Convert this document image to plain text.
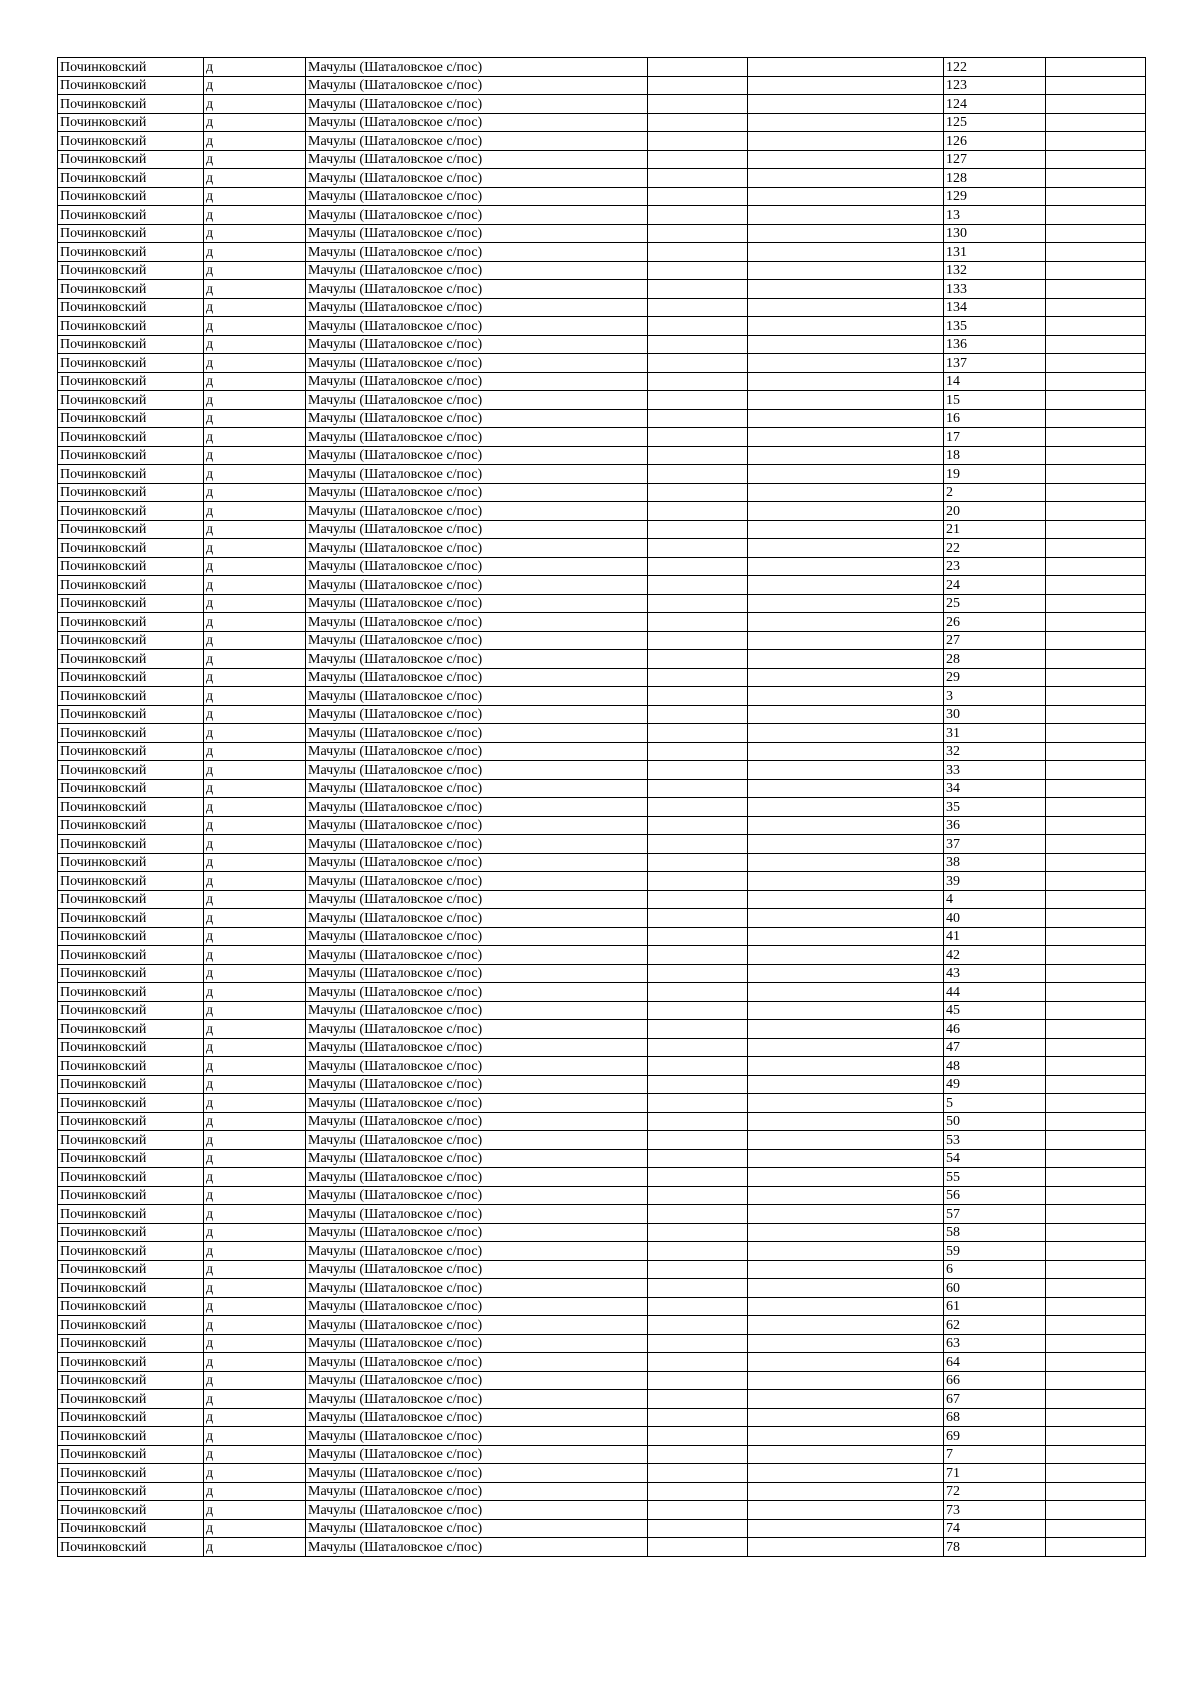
Починковский	д	Мачулы (Шаталовское с/пос)			122	
Починковский	д	Мачулы (Шаталовское с/пос)			123	
Починковский	д	Мачулы (Шаталовское с/пос)			124	
Починковский	д	Мачулы (Шаталовское с/пос)			125	
Починковский	д	Мачулы (Шаталовское с/пос)			126	
Починковский	д	Мачулы (Шаталовское с/пос)			127	
Починковский	д	Мачулы (Шаталовское с/пос)			128	
Починковский	д	Мачулы (Шаталовское с/пос)			129	
Починковский	д	Мачулы (Шаталовское с/пос)			13	
Починковский	д	Мачулы (Шаталовское с/пос)			130	
Починковский	д	Мачулы (Шаталовское с/пос)			131	
Починковский	д	Мачулы (Шаталовское с/пос)			132	
Починковский	д	Мачулы (Шаталовское с/пос)			133	
Починковский	д	Мачулы (Шаталовское с/пос)			134	
Починковский	д	Мачулы (Шаталовское с/пос)			135	
Починковский	д	Мачулы (Шаталовское с/пос)			136	
Починковский	д	Мачулы (Шаталовское с/пос)			137	
Починковский	д	Мачулы (Шаталовское с/пос)			14	
Починковский	д	Мачулы (Шаталовское с/пос)			15	
Починковский	д	Мачулы (Шаталовское с/пос)			16	
Починковский	д	Мачулы (Шаталовское с/пос)			17	
Починковский	д	Мачулы (Шаталовское с/пос)			18	
Починковский	д	Мачулы (Шаталовское с/пос)			19	
Починковский	д	Мачулы (Шаталовское с/пос)			2	
Починковский	д	Мачулы (Шаталовское с/пос)			20	
Починковский	д	Мачулы (Шаталовское с/пос)			21	
Починковский	д	Мачулы (Шаталовское с/пос)			22	
Починковский	д	Мачулы (Шаталовское с/пос)			23	
Починковский	д	Мачулы (Шаталовское с/пос)			24	
Починковский	д	Мачулы (Шаталовское с/пос)			25	
Починковский	д	Мачулы (Шаталовское с/пос)			26	
Починковский	д	Мачулы (Шаталовское с/пос)			27	
Починковский	д	Мачулы (Шаталовское с/пос)			28	
Починковский	д	Мачулы (Шаталовское с/пос)			29	
Починковский	д	Мачулы (Шаталовское с/пос)			3	
Починковский	д	Мачулы (Шаталовское с/пос)			30	
Починковский	д	Мачулы (Шаталовское с/пос)			31	
Починковский	д	Мачулы (Шаталовское с/пос)			32	
Починковский	д	Мачулы (Шаталовское с/пос)			33	
Починковский	д	Мачулы (Шаталовское с/пос)			34	
Починковский	д	Мачулы (Шаталовское с/пос)			35	
Починковский	д	Мачулы (Шаталовское с/пос)			36	
Починковский	д	Мачулы (Шаталовское с/пос)			37	
Починковский	д	Мачулы (Шаталовское с/пос)			38	
Починковский	д	Мачулы (Шаталовское с/пос)			39	
Починковский	д	Мачулы (Шаталовское с/пос)			4	
Починковский	д	Мачулы (Шаталовское с/пос)			40	
Починковский	д	Мачулы (Шаталовское с/пос)			41	
Починковский	д	Мачулы (Шаталовское с/пос)			42	
Починковский	д	Мачулы (Шаталовское с/пос)			43	
Починковский	д	Мачулы (Шаталовское с/пос)			44	
Починковский	д	Мачулы (Шаталовское с/пос)			45	
Починковский	д	Мачулы (Шаталовское с/пос)			46	
Починковский	д	Мачулы (Шаталовское с/пос)			47	
Починковский	д	Мачулы (Шаталовское с/пос)			48	
Починковский	д	Мачулы (Шаталовское с/пос)			49	
Починковский	д	Мачулы (Шаталовское с/пос)			5	
Починковский	д	Мачулы (Шаталовское с/пос)			50	
Починковский	д	Мачулы (Шаталовское с/пос)			53	
Починковский	д	Мачулы (Шаталовское с/пос)			54	
Починковский	д	Мачулы (Шаталовское с/пос)			55	
Починковский	д	Мачулы (Шаталовское с/пос)			56	
Починковский	д	Мачулы (Шаталовское с/пос)			57	
Починковский	д	Мачулы (Шаталовское с/пос)			58	
Починковский	д	Мачулы (Шаталовское с/пос)			59	
Починковский	д	Мачулы (Шаталовское с/пос)			6	
Починковский	д	Мачулы (Шаталовское с/пос)			60	
Починковский	д	Мачулы (Шаталовское с/пос)			61	
Починковский	д	Мачулы (Шаталовское с/пос)			62	
Починковский	д	Мачулы (Шаталовское с/пос)			63	
Починковский	д	Мачулы (Шаталовское с/пос)			64	
Починковский	д	Мачулы (Шаталовское с/пос)			66	
Починковский	д	Мачулы (Шаталовское с/пос)			67	
Починковский	д	Мачулы (Шаталовское с/пос)			68	
Починковский	д	Мачулы (Шаталовское с/пос)			69	
Починковский	д	Мачулы (Шаталовское с/пос)			7	
Починковский	д	Мачулы (Шаталовское с/пос)			71	
Починковский	д	Мачулы (Шаталовское с/пос)			72	
Починковский	д	Мачулы (Шаталовское с/пос)			73	
Починковский	д	Мачулы (Шаталовское с/пос)			74	
Починковский	д	Мачулы (Шаталовское с/пос)			78	
